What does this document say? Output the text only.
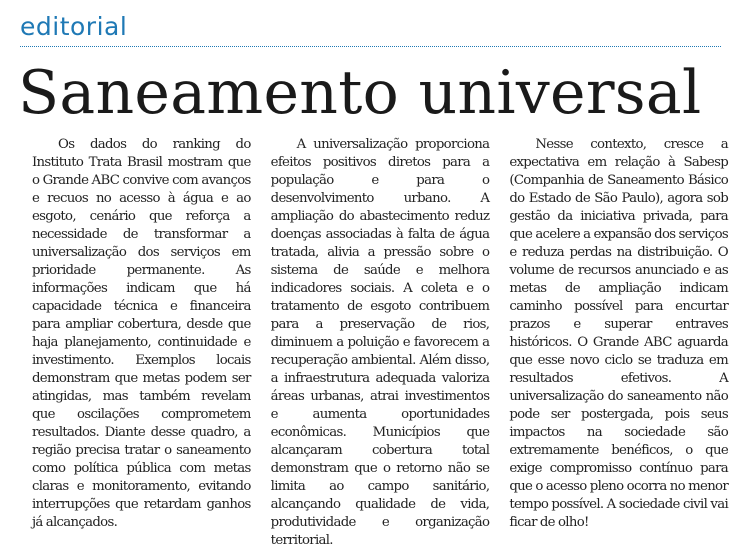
editorial
Saneamento universal

Os dados do ranking do Instituto Trata Brasil mostram que o Grande ABC convive com avanços e recuos no acesso à água e ao esgoto, cenário que reforça a necessidade de transformar a universalização dos serviços em prioridade permanente. As informações indicam que há capacidade técnica e financeira para ampliar cobertura, desde que haja planejamento, continuidade e investimento. Exemplos locais demonstram que metas podem ser atingidas, mas também revelam que oscilações comprometem resultados. Diante desse quadro, a região precisa tratar o saneamento como política pública com metas claras e monitoramento, evitando interrupções que retardam ganhos já alcançados.

A universalização proporciona efeitos positivos diretos para a população e para o desenvolvimento urbano. A ampliação do abastecimento reduz doenças associadas à falta de água tratada, alivia a pressão sobre o sistema de saúde e melhora indicadores sociais. A coleta e o tratamento de esgoto contribuem para a preservação de rios, diminuem a poluição e favorecem a recuperação ambiental. Além disso, a infraestrutura adequada valoriza áreas urbanas, atrai investimentos e aumenta oportunidades econômicas. Municípios que alcançaram cobertura total demonstram que o retorno não se limita ao campo sanitário, alcançando qualidade de vida, produtividade e organização territorial.

Nesse contexto, cresce a expectativa em relação à Sabesp (Companhia de Saneamento Básico do Estado de São Paulo), agora sob gestão da iniciativa privada, para que acelere a expansão dos serviços e reduza perdas na distribuição. O volume de recursos anunciado e as metas de ampliação indicam caminho possível para encurtar prazos e superar entraves históricos. O Grande ABC aguarda que esse novo ciclo se traduza em resultados efetivos. A universalização do saneamento não pode ser postergada, pois seus impactos na sociedade são extremamente benéficos, o que exige compromisso contínuo para que o acesso pleno ocorra no menor tempo possível. A sociedade civil vai ficar de olho!
